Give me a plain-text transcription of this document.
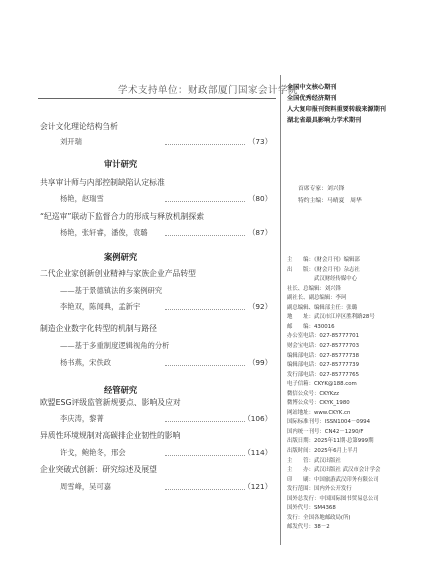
学术支持单位：财政部厦门国家会计学院
会计文化理论结构刍析
刘开瑞	（73）
审计研究
共享审计师与内部控制缺陷认定标准
杨艳，赵瑞雪	（80）
“纪巡审”联动下监督合力的形成与释放机制探索
杨艳，张轩睿，潘俊，袁璐	（87）
案例研究
二代企业家创新创业精神与家族企业产品转型
——基于景德镇法的多案例研究
李艳双，陈闻典，孟新宇	（92）
制造企业数字化转型的机制与路径
——基于多重制度逻辑视角的分析
杨书燕，宋佚政	（99）
经管研究
欧盟ESG评级监管新规要点、影响及应对
李庆涛，黎菁	（106）
异质性环境规制对高碳排企业韧性的影响
许戈，鲍艳冬，邢会	（114）
企业突破式创新：研究综述及展望
周雪峰，吴可嘉	（121）
全国中文核心期刊
全国优秀经济期刊
人大复印报刊资料重要转载来源期刊
湖北省最具影响力学术期刊
首席专家：刘兴锋
特约主编：马晴夏　周华
主　　编：《财会月刊》编辑部
出　　版：《财会月刊》杂志社
　　　　　武汉财经传媒中心
社长、总编辑：刘兴锋
副社长、副总编辑：李珂
副总编辑、编辑部主任：张璐
地　　址：武汉市江岸区胜利路28号
邮　　编：430016
办公室电话：027-85777701
财会宝电话：027-85777703
编辑部电话：027-85777738
编辑部电话：027-85777739
发行部电话：027-85777765
电子信箱：CKYK@188.com
微信公众号：CKYKzz
微博公众号：CKYK_1980
网站地址：www.CKYK.cn
国际标准刊号：ISSN1004－0994
国内统一刊号：CN42－1290/F
出版日期：2025年11期·总第999期
出版时间：2025年6月上半月
主　　管：武汉出版社
主　　办：武汉出版社 武汉市会计学会
印　　刷：中国旅游武汉印务有限公司
发行范围：国内外公开发行
国外总发行：中国国际图书贸易总公司
国外代号：SM4368
发行：全国各地邮政局(所)
邮发代号：38－2
